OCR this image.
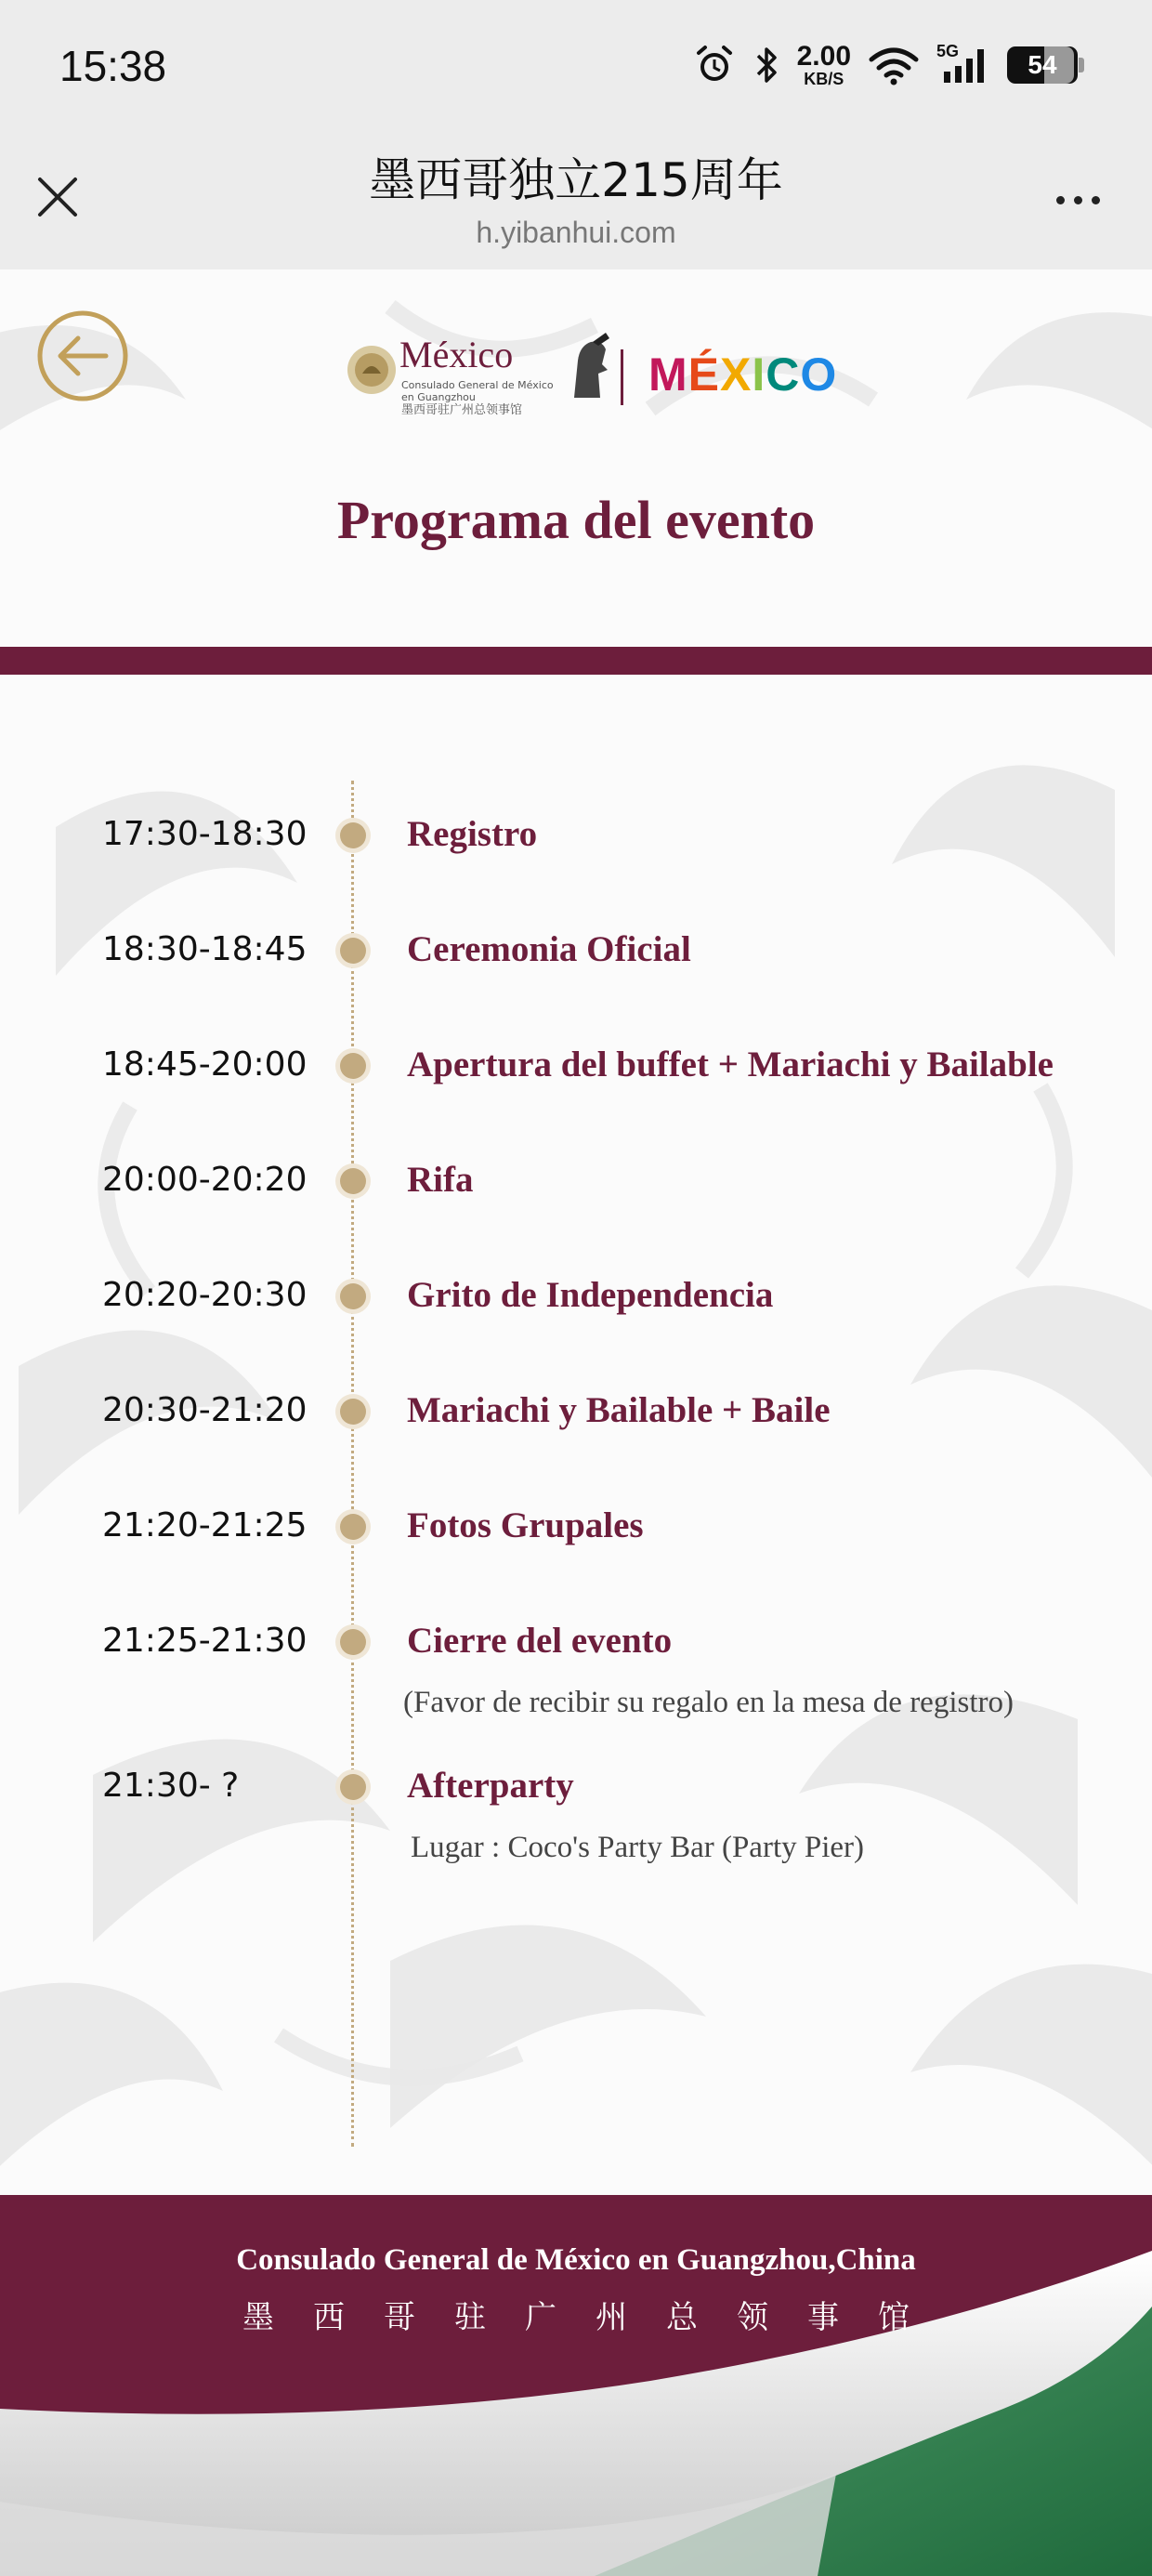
15:38	2.00
KB/S
5G	54
墨西哥独立215周年
h.yibanhui.com
México
Consulado General de México
en Guangzhou
墨西哥驻广州总领事馆
MÉXICO
Programa del evento
17:30-18:30	Registro
18:30-18:45	Ceremonia Oficial
18:45-20:00	Apertura del buffet + Mariachi y Bailable
20:00-20:20	Rifa
20:20-20:30	Grito de Independencia
20:30-21:20	Mariachi y Bailable + Baile
21:20-21:25	Fotos Grupales
21:25-21:30	Cierre del evento
(Favor de recibir su regalo en la mesa de registro)
21:30- ?	Afterparty
Lugar : Coco's Party Bar (Party Pier)
Consulado General de México en Guangzhou,China
墨西哥驻广州总领事馆
